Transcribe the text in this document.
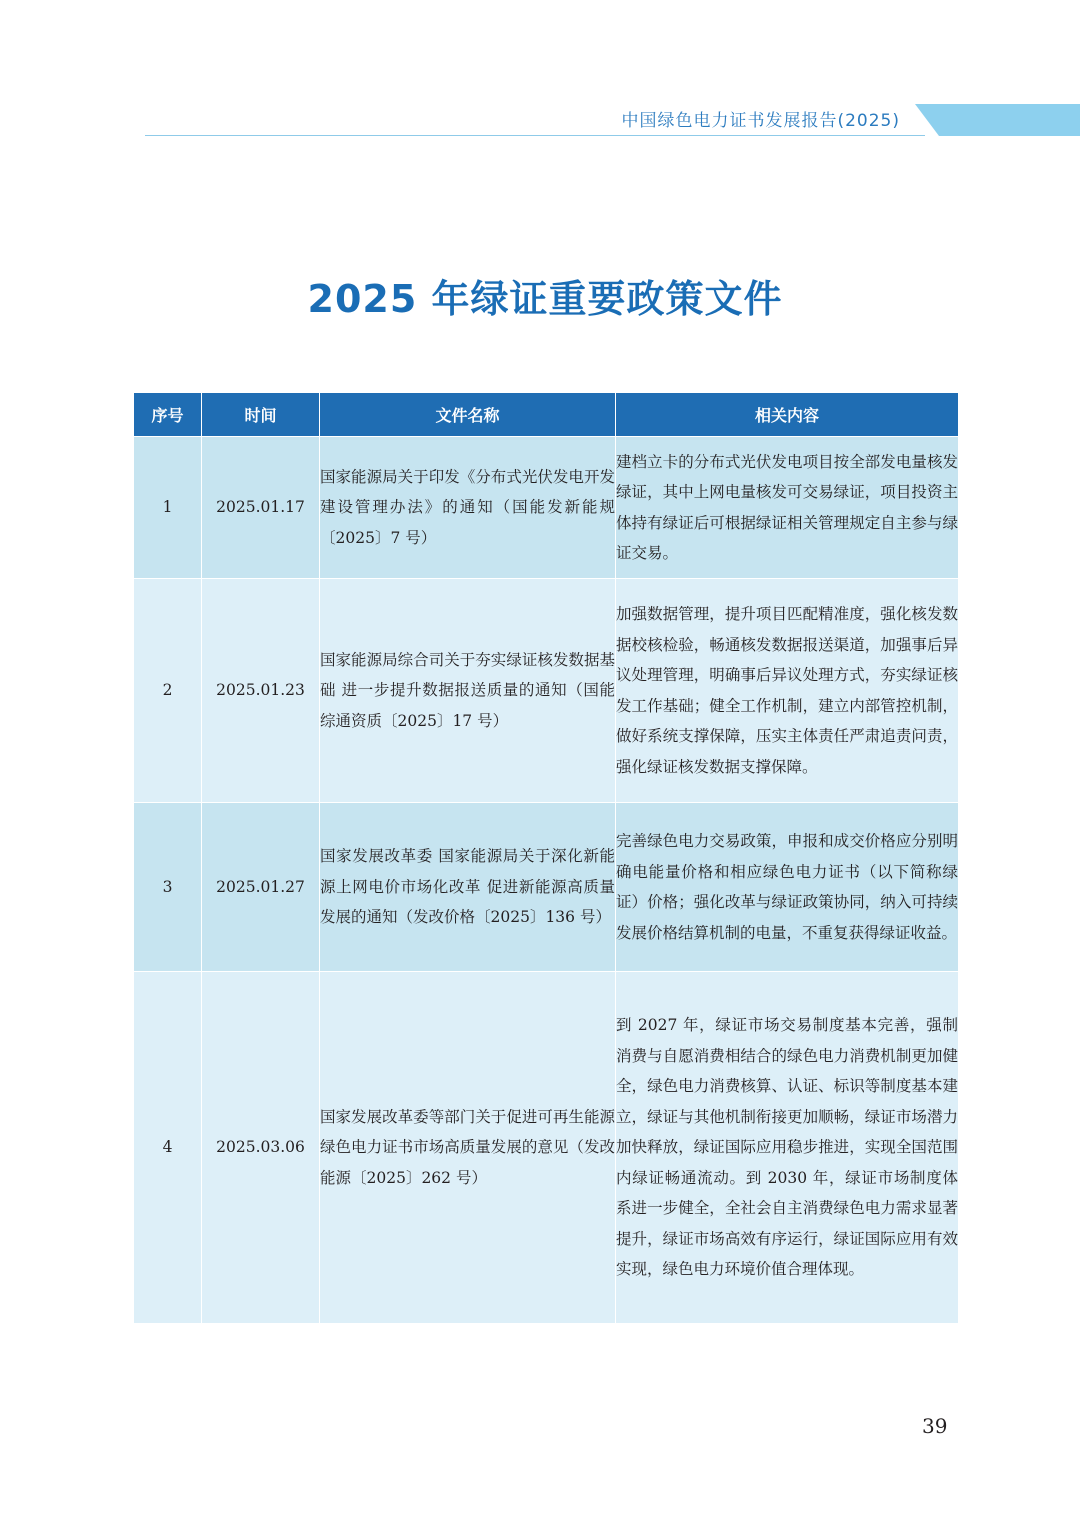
中国绿色电力证书发展报告(2025)
2025 年绿证重要政策文件
序号	时间	文件名称	相关内容
1	2025.01.17	国家能源局关于印发《分布式光伏发电开发建设管理办法》的通知（国能发新能规〔2025〕7 号）	建档立卡的分布式光伏发电项目按全部发电量核发绿证，其中上网电量核发可交易绿证，项目投资主体持有绿证后可根据绿证相关管理规定自主参与绿证交易。
2	2025.01.23	国家能源局综合司关于夯实绿证核发数据基础 进一步提升数据报送质量的通知（国能综通资质〔2025〕17 号）	加强数据管理，提升项目匹配精准度，强化核发数据校核检验，畅通核发数据报送渠道，加强事后异议处理管理，明确事后异议处理方式，夯实绿证核发工作基础；健全工作机制，建立内部管控机制，做好系统支撑保障，压实主体责任严肃追责问责，强化绿证核发数据支撑保障。
3	2025.01.27	国家发展改革委 国家能源局关于深化新能源上网电价市场化改革 促进新能源高质量发展的通知（发改价格〔2025〕136 号）	完善绿色电力交易政策，申报和成交价格应分别明确电能量价格和相应绿色电力证书（以下简称绿证）价格；强化改革与绿证政策协同，纳入可持续发展价格结算机制的电量，不重复获得绿证收益。
4	2025.03.06	国家发展改革委等部门关于促进可再生能源绿色电力证书市场高质量发展的意见（发改能源〔2025〕262 号）	到 2027 年，绿证市场交易制度基本完善，强制消费与自愿消费相结合的绿色电力消费机制更加健全，绿色电力消费核算、认证、标识等制度基本建立，绿证与其他机制衔接更加顺畅，绿证市场潜力加快释放，绿证国际应用稳步推进，实现全国范围内绿证畅通流动。到 2030 年，绿证市场制度体系进一步健全，全社会自主消费绿色电力需求显著提升，绿证市场高效有序运行，绿证国际应用有效实现，绿色电力环境价值合理体现。
39
